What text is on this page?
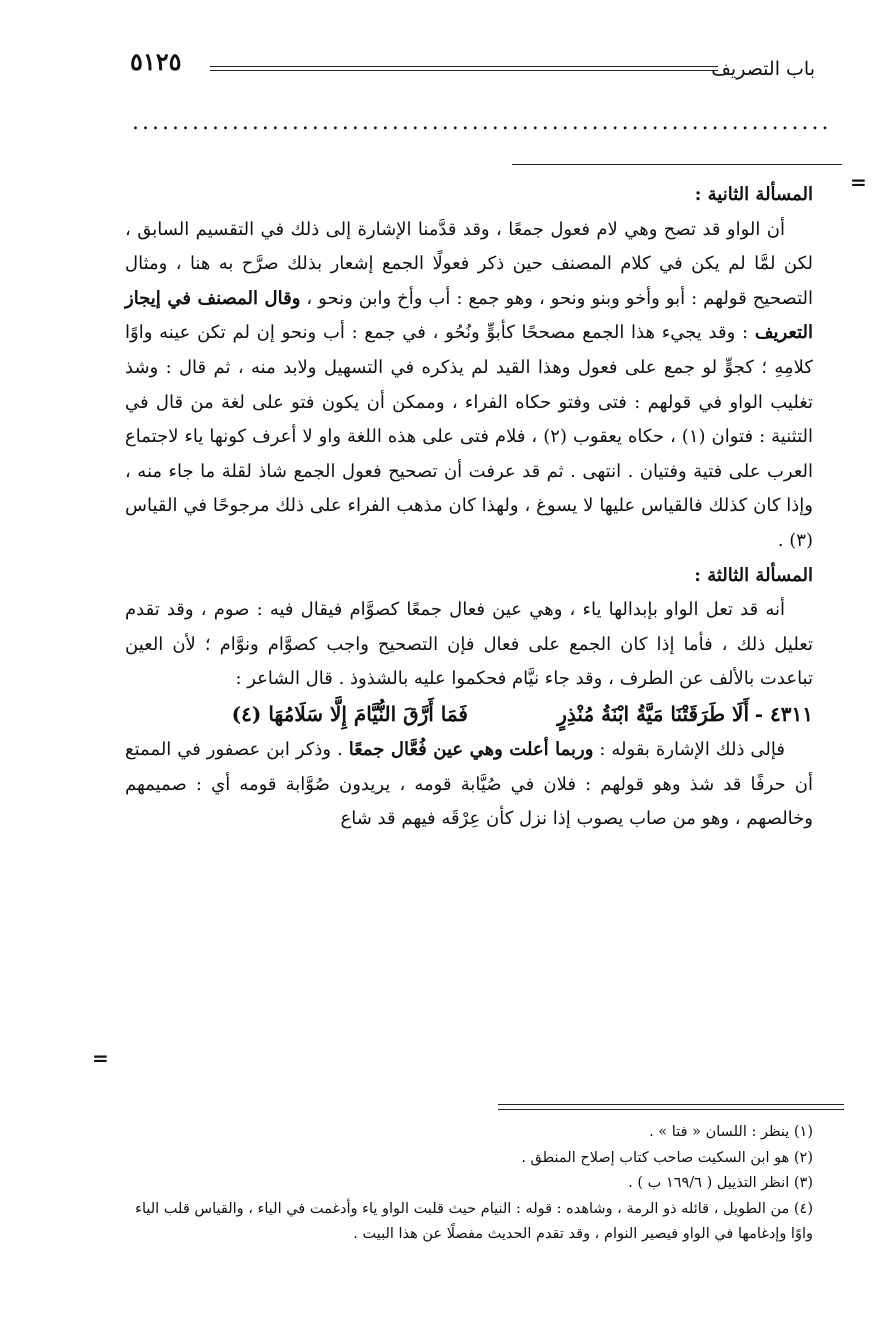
باب التصريف
٥١٢٥
......................................................................
=
=

المسألة الثانية :

أن الواو قد تصح وهي لام فعول جمعًا ، وقد قدَّمنا الإشارة إلى ذلك في التقسيم السابق ، لكن لمَّا لم يكن في كلام المصنف حين ذكر فعولًا الجمع إشعار بذلك صرَّح به هنا ، ومثال التصحيح قولهم : أبو وأخو وبنو ونحو ، وهو جمع : أب وأخ وابن ونحو ، وقال المصنف في إيجاز التعريف : وقد يجيء هذا الجمع مصححًا كأبوٍّ ونُحُو ، في جمع : أب ونحو إن لم تكن عينه واوًا كلامِهِ ؛ كجوٍّ لو جمع على فعول وهذا القيد لم يذكره في التسهيل ولابد منه ، ثم قال : وشذ تغليب الواو في قولهم : فتى وفتو حكاه الفراء ، وممكن أن يكون فتو على لغة من قال في التثنية : فتوان (١) ، حكاه يعقوب (٢) ، فلام فتى على هذه اللغة واو لا أعرف كونها ياء لاجتماع العرب على فتية وفتيان . انتهى . ثم قد عرفت أن تصحيح فعول الجمع شاذ لقلة ما جاء منه ، وإذا كان كذلك فالقياس عليها لا يسوغ ، ولهذا كان مذهب الفراء على ذلك مرجوحًا في القياس (٣) .

المسألة الثالثة :

أنه قد تعل الواو بإبدالها ياء ، وهي عين فعال جمعًا كصوَّام فيقال فيه : صوم ، وقد تقدم تعليل ذلك ، فأما إذا كان الجمع على فعال فإن التصحيح واجب كصوَّام ونوَّام ؛ لأن العين تباعدت بالألف عن الطرف ، وقد جاء نيَّام فحكموا عليه بالشذوذ . قال الشاعر :

٤٣١١ -
أَلَا طَرَقَتْنَا مَيَّةُ ابْنَةُ مُنْذِرٍ
فَمَا أَرَّقَ النُّيَّامَ إِلَّا سَلَامُهَا (٤)

فإلى ذلك الإشارة بقوله : وربما أعلت وهي عين فُعَّال جمعًا . وذكر ابن عصفور في الممتع أن حرفًا قد شذ وهو قولهم : فلان في صُيَّابة قومه ، يريدون صُوَّابة قومه أي : صميمهم وخالصهم ، وهو من صاب يصوب إذا نزل كأن عِرْقَه فيهم قد شاع

(١) ينظر : اللسان « فتا » .

(٢) هو ابن السكيت صاحب كتاب إصلاح المنطق .

(٣) انظر التذييل ( ١٦٩/٦ ب ) .

(٤) من الطويل ، قائله ذو الرمة ، وشاهده : قوله : النيام حيث قلبت الواو ياء وأدغمت في الياء ، والقياس قلب الياء واوًا وإدغامها في الواو فيصير النوام ، وقد تقدم الحديث مفصلًا عن هذا البيت .
